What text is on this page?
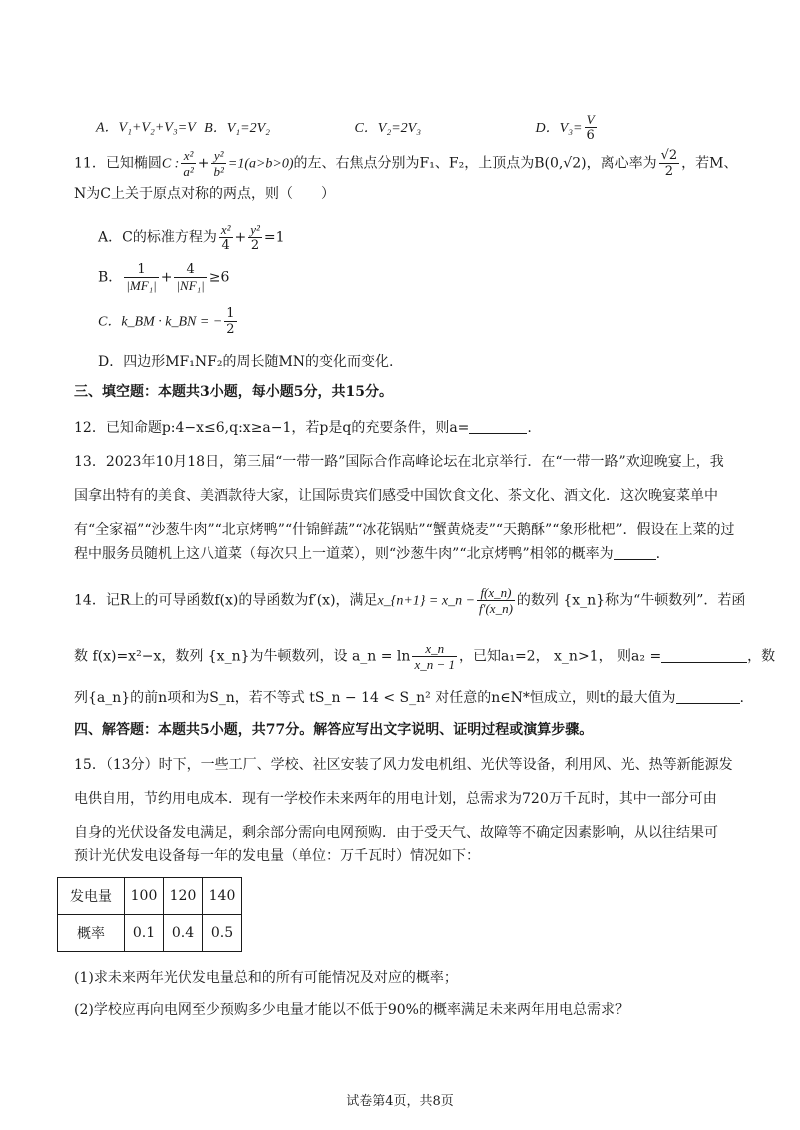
A．V₁+V₂+V₃=V B．V₁=2V₂	C．V₂=2V₃	D．$V_3= \frac{V}{6}$
11．已知椭圆C : $\frac{\text{x²}}{\text{a²}} + \frac{\text{y²}}{\text{b²}} =1(a>b>0)$的左、右焦点分别为F₁、F₂，上顶点为B(0,√2)，离心率为 $\frac{√2}{2}$ ，若M、
N为C上关于原点对称的两点，则（　　）
A．C的标准方程为 $\frac{\text{x²}}{4} + \frac{\text{y²}}{2} =1$
B． $\frac{1}{\text{|MF₁|}} + \frac{4}{\text{|NF₁|}} \ge 6$
C．k_BM · k_BN = − $\frac{1}{2}$
D．四边形MF₁NF₂的周长随MN的变化而变化.
三、填空题：本题共3小题，每小题5分，共15分。
12．已知命题p:4−x≤6,q:x≥a−1，若p是q的充要条件，则a=	.
13．2023年10月18日，第三届“一带一路”国际合作高峰论坛在北京举行．在“一带一路”欢迎晚宴上，我
国拿出特有的美食、美酒款待大家，让国际贵宾们感受中国饮食文化、茶文化、酒文化．这次晚宴菜单中
有“全家福”“沙葱牛肉”“北京烤鸭”“什锦鲜蔬”“冰花锅贴”“蟹黄烧麦”“天鹅酥”“象形枇杷”．假设在上菜的过
程中服务员随机上这八道菜（每次只上一道菜），则“沙葱牛肉”“北京烤鸭”相邻的概率为	.
14．记R上的可导函数f(x)的导函数为f′(x)，满足x_{n+1} = x_n − $\frac{f(x\_n)}{f'(x\_n)}$ 的数列 {x_n}称为“牛顿数列”．若函
数 f(x)=x²−x，数列 {x_n}为牛顿数列，设 a_n = $\ln \frac{x\_n}{x\_n - 1}$ ，已知a₁=2， x_n>1， 则a₂ =	，数
列{a_n}的前n项和为S_n，若不等式 tS_n − 14 < S_n² 对任意的n∈N*恒成立，则t的最大值为	.
四、解答题：本题共5小题，共77分。解答应写出文字说明、证明过程或演算步骤。
15．（13分）时下，一些工厂、学校、社区安装了风力发电机组、光伏等设备，利用风、光、热等新能源发
电供自用，节约用电成本．现有一学校作未来两年的用电计划，总需求为720万千瓦时，其中一部分可由
自身的光伏设备发电满足，剩余部分需向电网预购．由于受天气、故障等不确定因素影响，从以往结果可
预计光伏发电设备每一年的发电量（单位：万千瓦时）情况如下：
发电量	100	120	140
概率	0.1	0.4	0.5
(1)求未来两年光伏发电量总和的所有可能情况及对应的概率；
(2)学校应再向电网至少预购多少电量才能以不低于90%的概率满足未来两年用电总需求？
试卷第4页，共8页
